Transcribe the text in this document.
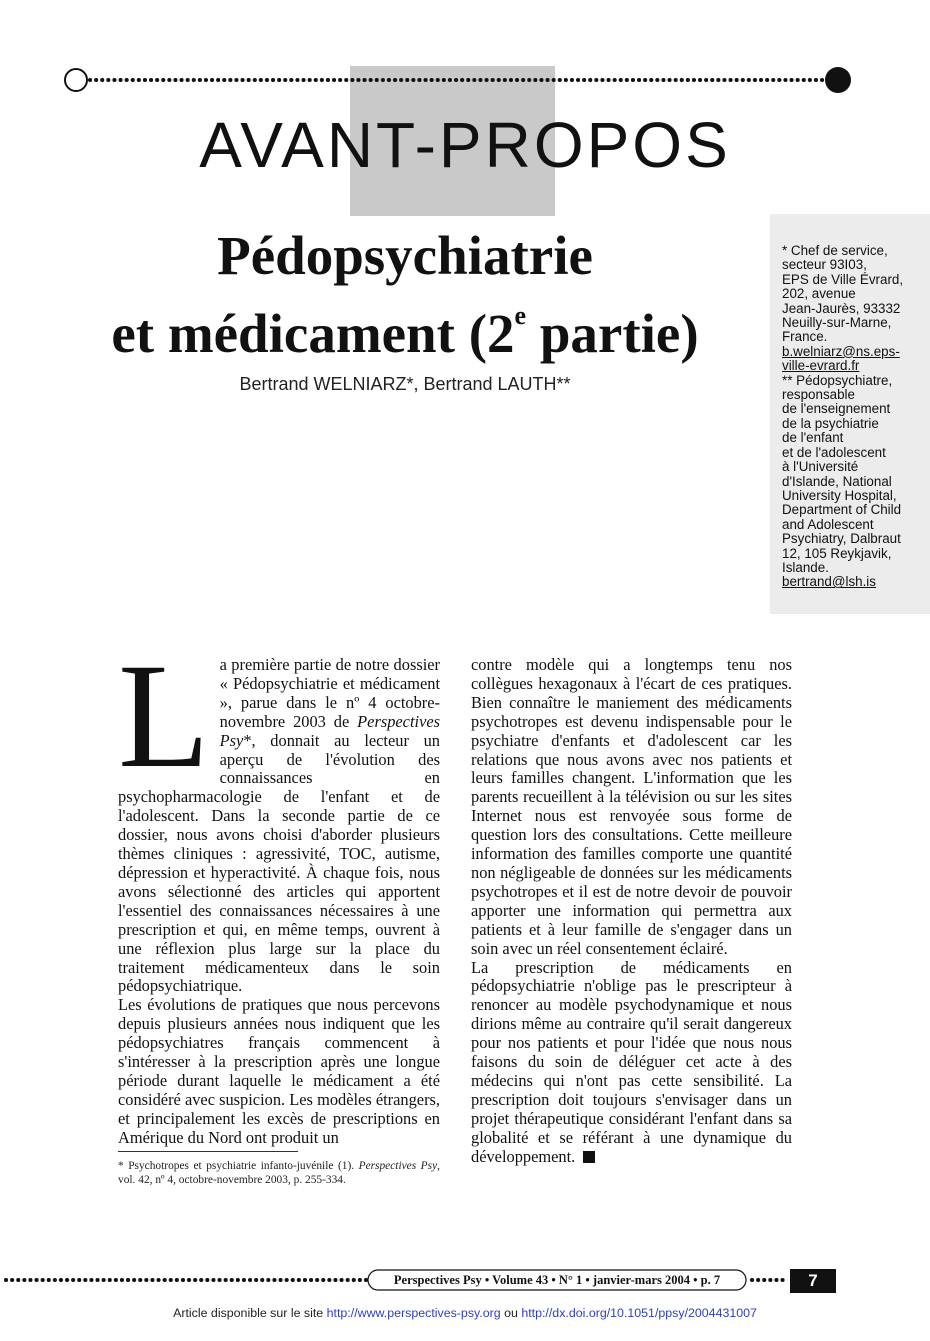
AVANT-PROPOS
Pédopsychiatrie
et médicament (2e partie)
Bertrand WELNIARZ*, Bertrand LAUTH**
* Chef de service,
secteur 93I03,
EPS de Ville Évrard,
202, avenue
Jean-Jaurès, 93332
Neuilly-sur-Marne,
France.
b.welniarz@ns.eps-
ville-evrard.fr
** Pédopsychiatre,
responsable
de l'enseignement
de la psychiatrie
de l'enfant
et de l'adolescent
à l'Université
d'Islande, National
University Hospital,
Department of Child
and Adolescent
Psychiatry, Dalbraut
12, 105 Reykjavik,
Islande.
bertrand@lsh.is

La première partie de notre dossier « Pédopsychiatrie et médicament », parue dans le nº 4 octobre-novembre 2003 de Perspectives Psy*, donnait au lecteur un aperçu de l'évolution des connaissances en psychopharmacologie de l'enfant et de l'adolescent. Dans la seconde partie de ce dossier, nous avons choisi d'aborder plusieurs thèmes cliniques : agressivité, TOC, autisme, dépression et hyperactivité. À chaque fois, nous avons sélectionné des articles qui apportent l'essentiel des connaissances nécessaires à une prescription et qui, en même temps, ouvrent à une réflexion plus large sur la place du traitement médicamenteux dans le soin pédopsychiatrique.

Les évolutions de pratiques que nous percevons depuis plusieurs années nous indiquent que les pédopsychiatres français commencent à s'intéresser à la prescription après une longue période durant laquelle le médicament a été considéré avec suspicion. Les modèles étrangers, et principalement les excès de prescriptions en Amérique du Nord ont produit un

contre modèle qui a longtemps tenu nos collègues hexagonaux à l'écart de ces pratiques. Bien connaître le maniement des médicaments psychotropes est devenu indispensable pour le psychiatre d'enfants et d'adolescent car les relations que nous avons avec nos patients et leurs familles changent. L'information que les parents recueillent à la télévision ou sur les sites Internet nous est renvoyée sous forme de question lors des consultations. Cette meilleure information des familles comporte une quantité non négligeable de données sur les médicaments psychotropes et il est de notre devoir de pouvoir apporter une information qui permettra aux patients et à leur famille de s'engager dans un soin avec un réel consentement éclairé.

La prescription de médicaments en pédopsychiatrie n'oblige pas le prescripteur à renoncer au modèle psychodynamique et nous dirions même au contraire qu'il serait dangereux pour nos patients et pour l'idée que nous nous faisons du soin de déléguer cet acte à des médecins qui n'ont pas cette sensibilité. La prescription doit toujours s'envisager dans un projet thérapeutique considérant l'enfant dans sa globalité et se référant à une dynamique du développement.

* Psychotropes et psychiatrie infanto-juvénile (1). Perspectives Psy, vol. 42, nº 4, octobre-novembre 2003, p. 255-334.
Perspectives Psy • Volume 43 • N° 1 • janvier-mars 2004 • p. 7	7
Article disponible sur le site http://www.perspectives-psy.org ou http://dx.doi.org/10.1051/ppsy/2004431007
